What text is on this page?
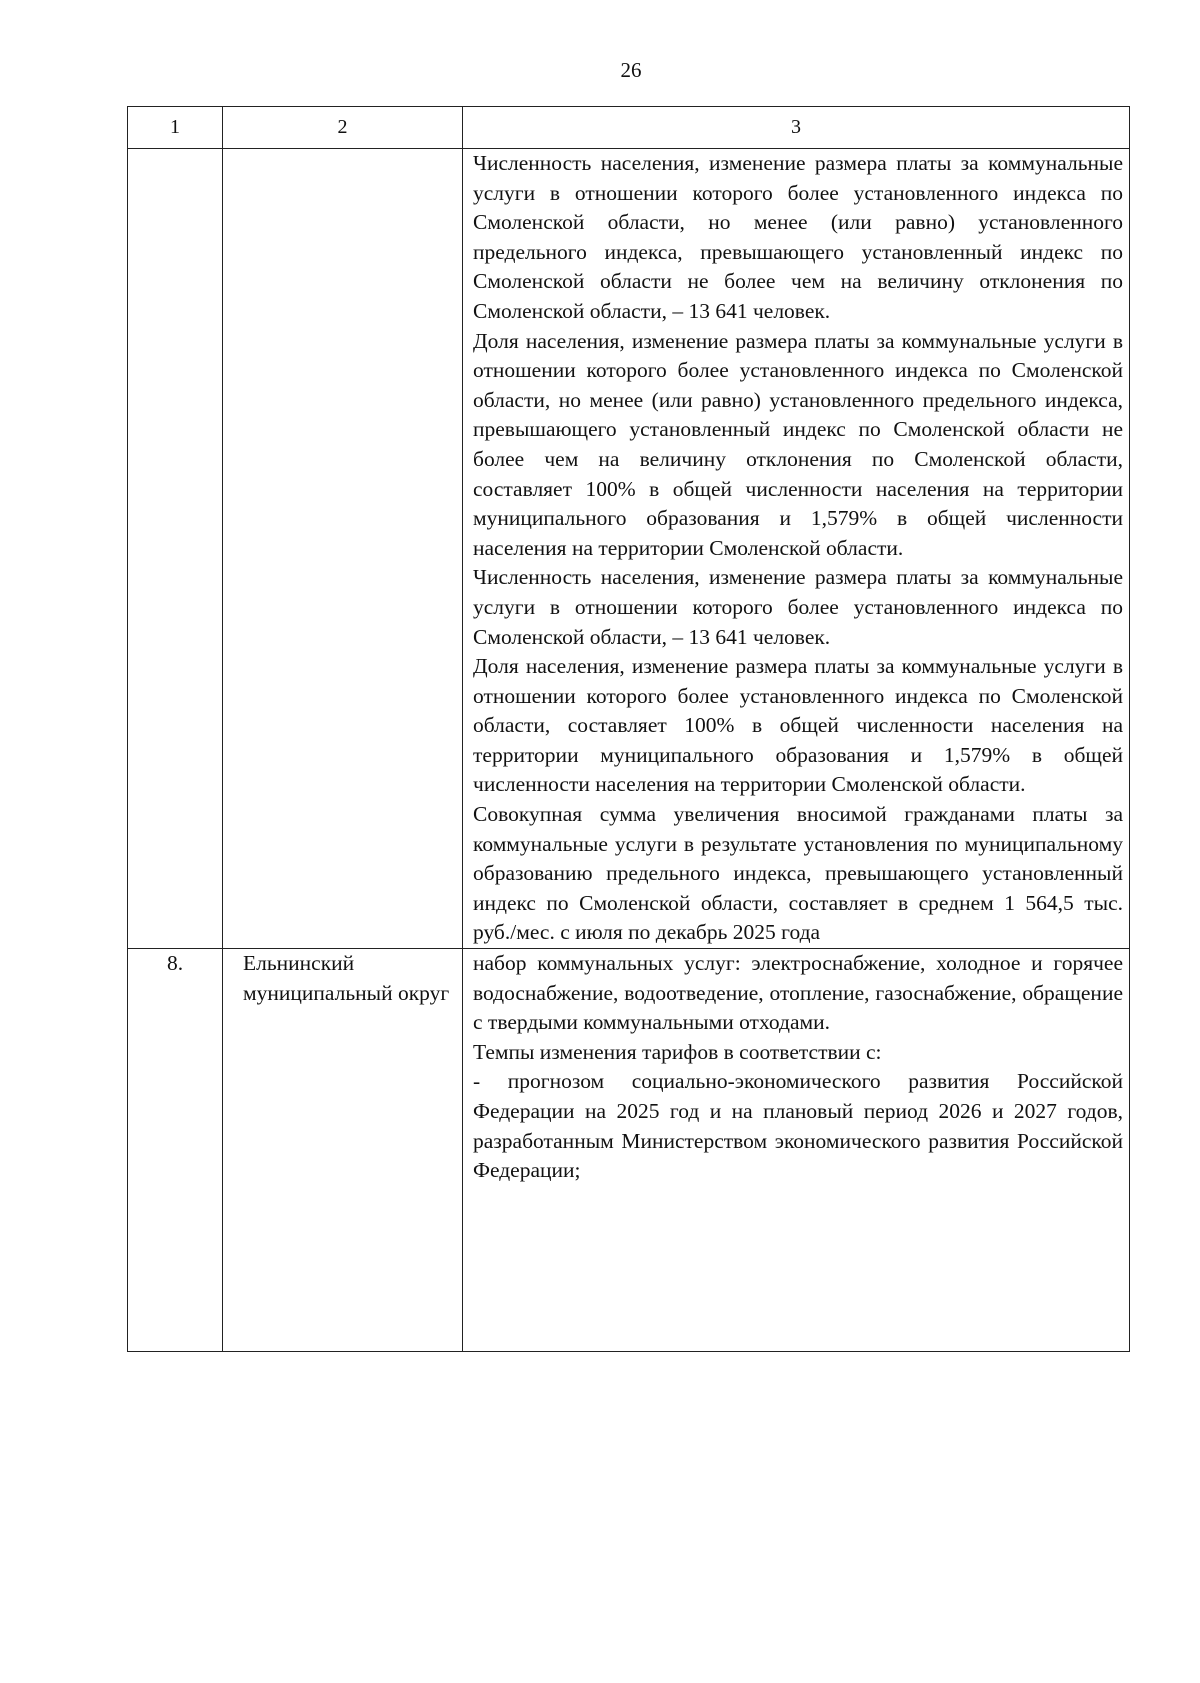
26
1	2	3

		Численность населения, изменение размера платы за коммунальные услуги в отношении которого более установленного индекса по Смоленской области, но менее (или равно) установленного предельного индекса, превышающего установленный индекс по Смоленской области не более чем на величину отклонения по Смоленской области, – 13 641 человек.

Доля населения, изменение размера платы за коммунальные услуги в отношении которого более установленного индекса по Смоленской области, но менее (или равно) установленного предельного индекса, превышающего установленный индекс по Смоленской области не более чем на величину отклонения по Смоленской области, составляет 100% в общей численности населения на территории муниципального образования и 1,579% в общей численности населения на территории Смоленской области.

Численность населения, изменение размера платы за коммунальные услуги в отношении которого более установленного индекса по Смоленской области, – 13 641 человек.

Доля населения, изменение размера платы за коммунальные услуги в отношении которого более установленного индекса по Смоленской области, составляет 100% в общей численности населения на территории муниципального образования и 1,579% в общей численности населения на территории Смоленской области.

Совокупная сумма увеличения вносимой гражданами платы за коммунальные услуги в результате установления по муниципальному образованию предельного индекса, превышающего установленный индекс по Смоленской области, составляет в среднем 1 564,5 тыс. руб./мес. с июля по декабрь 2025 года

8.	Ельнинский муниципальный округ	набор коммунальных услуг: электроснабжение, холодное и горячее водоснабжение, водоотведение, отопление, газоснабжение, обращение с твердыми коммунальными отходами.

Темпы изменения тарифов в соответствии с:

- прогнозом социально-экономического развития Российской Федерации на 2025 год и на плановый период 2026 и 2027 годов, разработанным Министерством экономического развития Российской Федерации;
